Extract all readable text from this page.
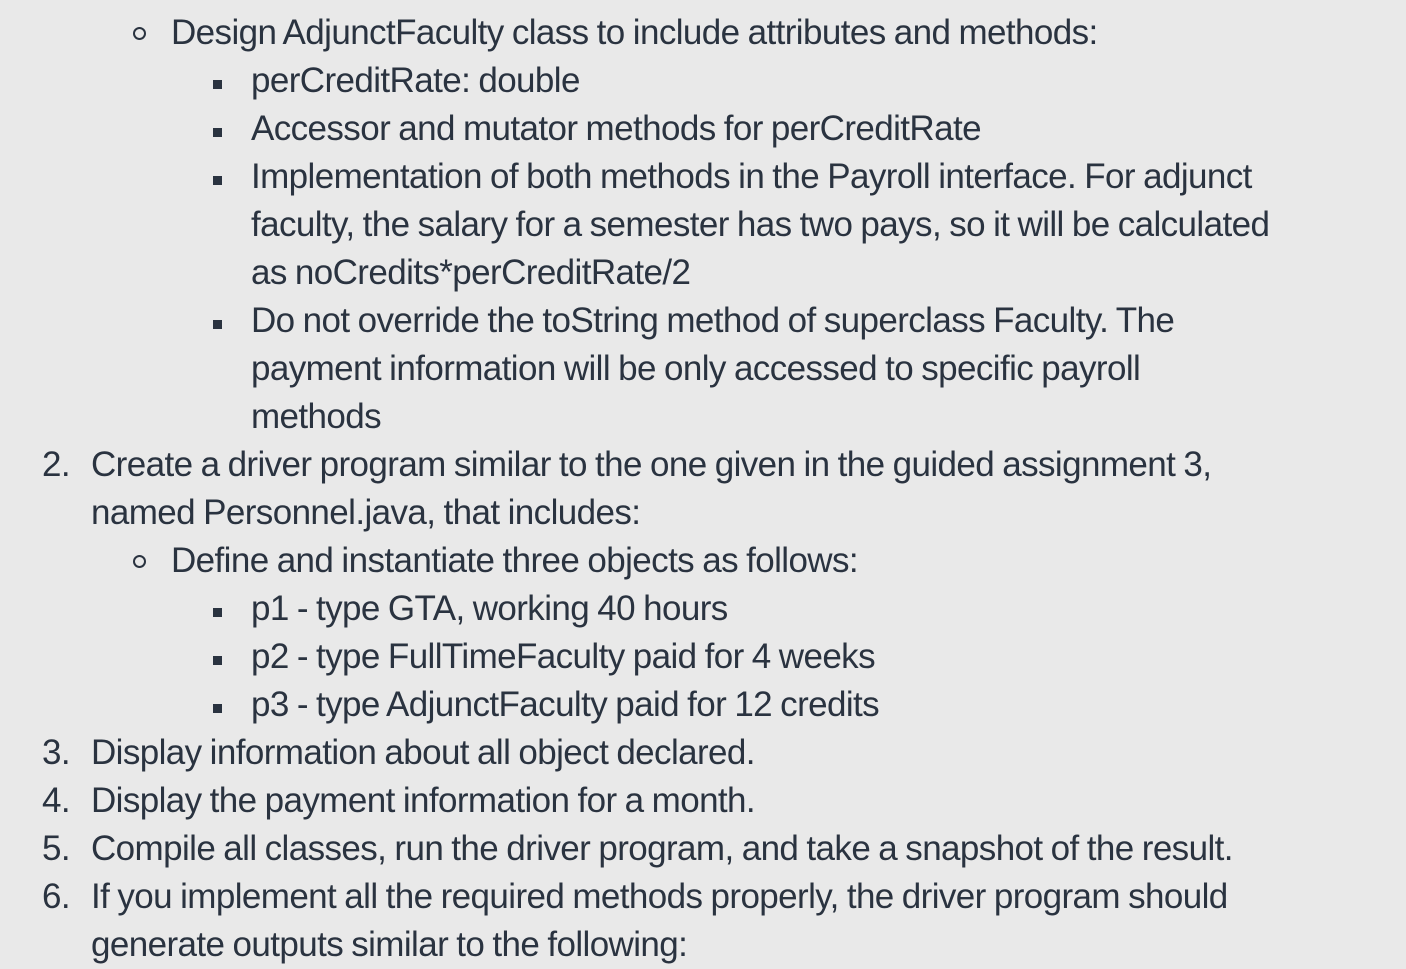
Design AdjunctFaculty class to include attributes and methods:
perCreditRate: double
Accessor and mutator methods for perCreditRate
Implementation of both methods in the Payroll interface. For adjunct
faculty, the salary for a semester has two pays, so it will be calculated
as noCredits*perCreditRate/2
Do not override the toString method of superclass Faculty. The
payment information will be only accessed to specific payroll
methods
2. Create a driver program similar to the one given in the guided assignment 3,
named Personnel.java, that includes:
Define and instantiate three objects as follows:
p1 - type GTA, working 40 hours
p2 - type FullTimeFaculty paid for 4 weeks
p3 - type AdjunctFaculty paid for 12 credits
3. Display information about all object declared.
4. Display the payment information for a month.
5. Compile all classes, run the driver program, and take a snapshot of the result.
6. If you implement all the required methods properly, the driver program should
generate outputs similar to the following:
